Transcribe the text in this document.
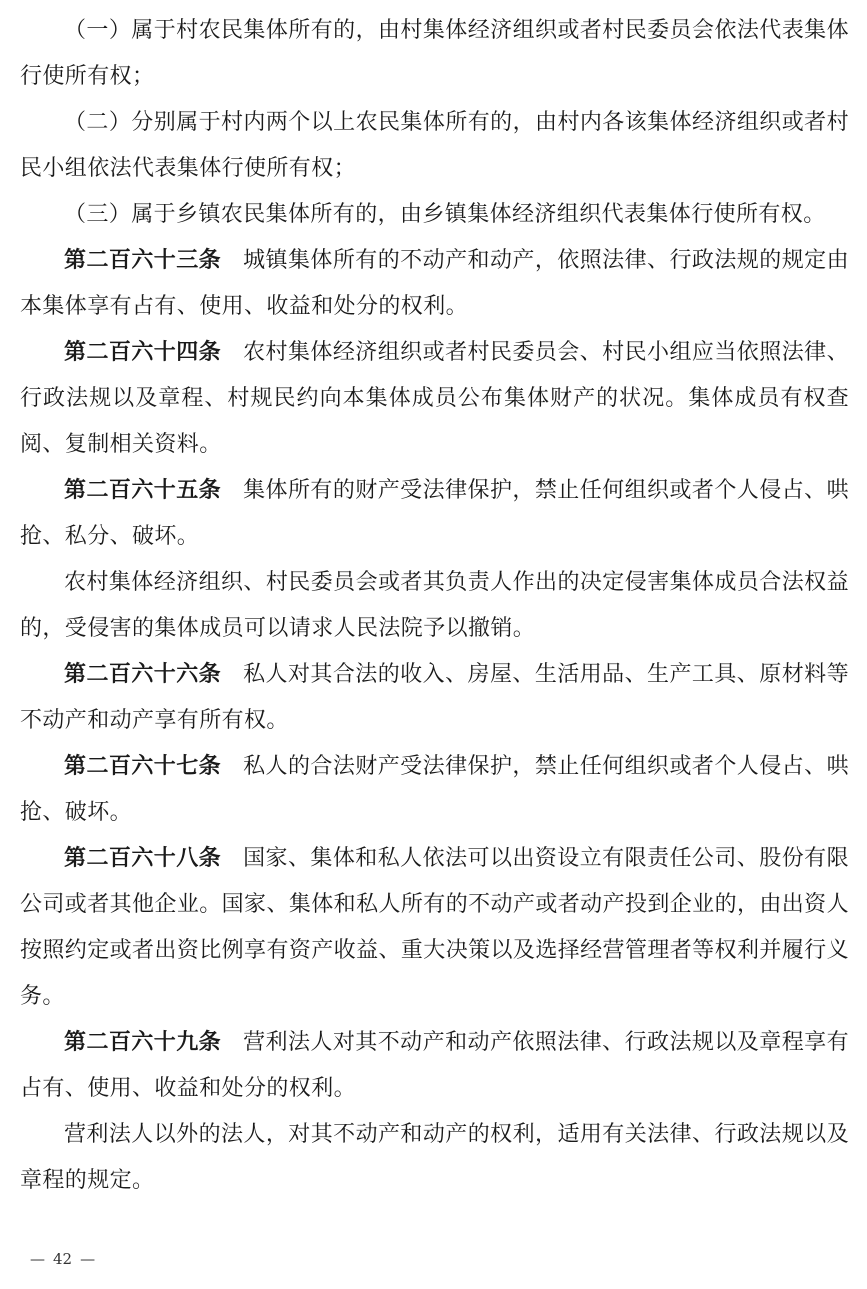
（一）属于村农民集体所有的，由村集体经济组织或者村民委员会依法代表集体行使所有权；

（二）分别属于村内两个以上农民集体所有的，由村内各该集体经济组织或者村民小组依法代表集体行使所有权；

（三）属于乡镇农民集体所有的，由乡镇集体经济组织代表集体行使所有权。

第二百六十三条 城镇集体所有的不动产和动产，依照法律、行政法规的规定由本集体享有占有、使用、收益和处分的权利。

第二百六十四条 农村集体经济组织或者村民委员会、村民小组应当依照法律、行政法规以及章程、村规民约向本集体成员公布集体财产的状况。集体成员有权查阅、复制相关资料。

第二百六十五条 集体所有的财产受法律保护，禁止任何组织或者个人侵占、哄抢、私分、破坏。

农村集体经济组织、村民委员会或者其负责人作出的决定侵害集体成员合法权益的，受侵害的集体成员可以请求人民法院予以撤销。

第二百六十六条 私人对其合法的收入、房屋、生活用品、生产工具、原材料等不动产和动产享有所有权。

第二百六十七条 私人的合法财产受法律保护，禁止任何组织或者个人侵占、哄抢、破坏。

第二百六十八条 国家、集体和私人依法可以出资设立有限责任公司、股份有限公司或者其他企业。国家、集体和私人所有的不动产或者动产投到企业的，由出资人按照约定或者出资比例享有资产收益、重大决策以及选择经营管理者等权利并履行义务。

第二百六十九条 营利法人对其不动产和动产依照法律、行政法规以及章程享有占有、使用、收益和处分的权利。

营利法人以外的法人，对其不动产和动产的权利，适用有关法律、行政法规以及章程的规定。

— 42 —
